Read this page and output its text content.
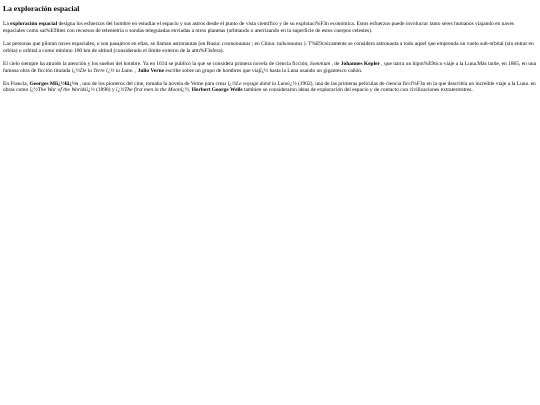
La exploración espacial

La exploración espacial designa los esfuerzos del hombre en estudiar el espacio y sus astros desde el punto de vista científico y de su explotaci%F3n económica. Estos esfuerzos puede involucrar tanto seres humanos viajando en naves espaciales como sat%E9lites con recursos de telemetría o sondas teleguiadas enviadas a otros planetas (orbitando o aterrizando en la superficie de estos cuerpos celestes).

Las personas que pilotan naves espaciales, o son pasajeros en ellas, se llaman astronautas (en Rusia: cosmonautas ; en China: taikonautas ). T%E9cnicamente se considera astronauta a todo aquel que emprenda un vuelo sub-orbital (sin entrar en orbita) u orbital a como mínimo 100 km de altitud (considerado el límite externo de la atm%F3sfera).

El cielo siempre ha atraido la atención y los sueños del hombre. Ya en 1634 se publicó la que se considera primera novela de ciencia ficción, Somnium , de Johannes Kepler , que narra un hipot%E9tico viaje a la Luna.Más tarde, en 1865, en una famosa obra de ficción titulada ï¿½De la Terre ï¿½ la Lune. , Julio Verne escribe sobre un grupo de hombres que viajï¿½ hasta la Luna usando un gigantesco cañón.

En Francia, Georges Miï¿½liï¿½s , uno de los pioneros del cine, tomaba la novela de Verne para crear ï¿½Le voyage dand la Luneï¿½ (1902), una de las primeras películas de ciencia ficci%F3n en la que describía un increíble viaje a la Luna. en obras como ï¿½The War of the Worldsï¿½ (1898) y ï¿½The first men in the Moonï¿½, Herbert George Wells tambien se consideraron ideas de exploración del espacio y de contacto con civilizaciones extraterrestres.
